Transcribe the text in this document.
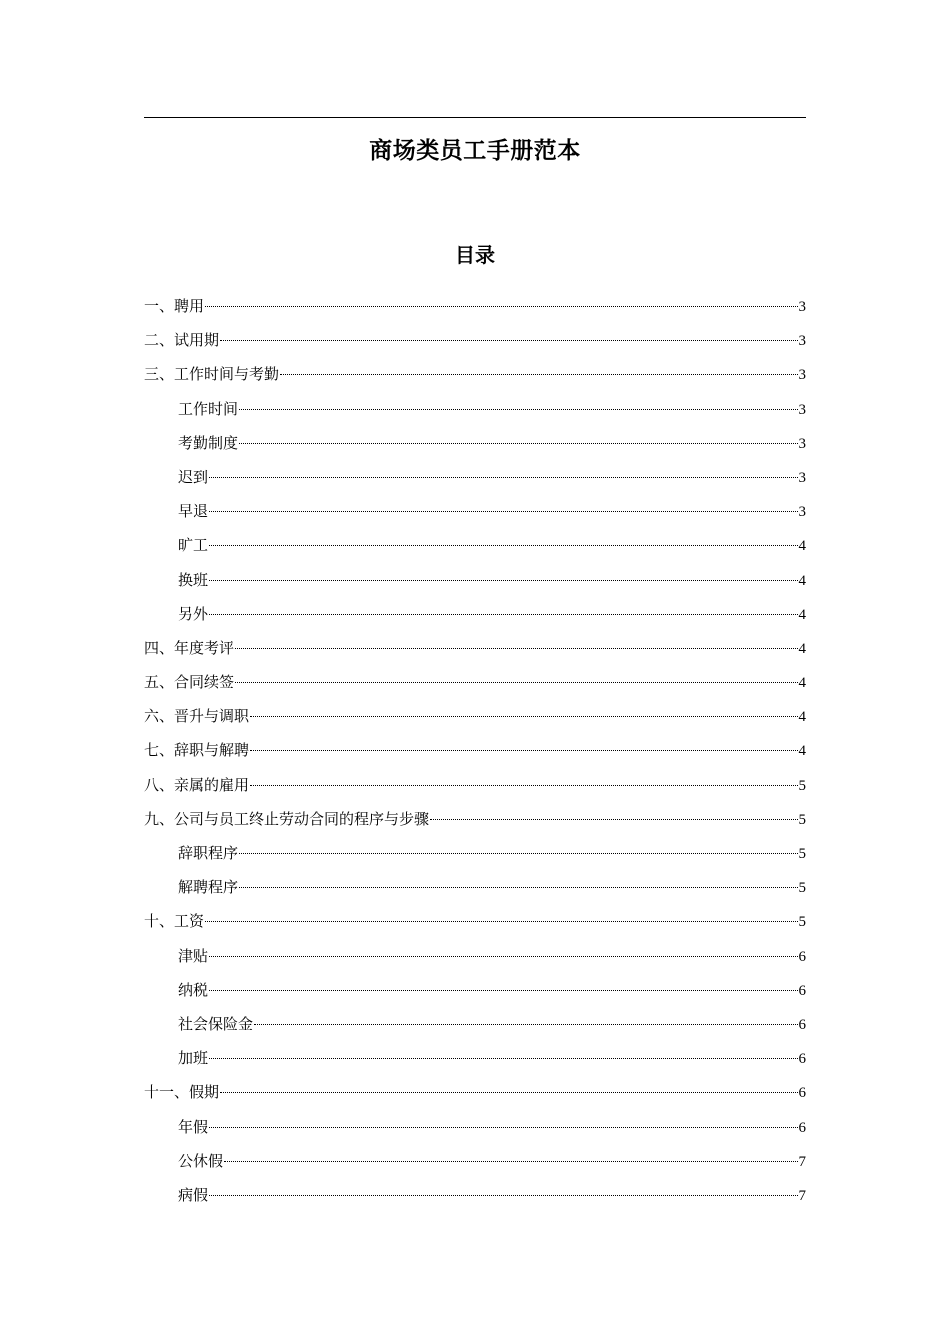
商场类员工手册范本
目录
一、聘用	3
二、试用期	3
三、工作时间与考勤	3
工作时间	3
考勤制度	3
迟到	3
早退	3
旷工	4
换班	4
另外	4
四、年度考评	4
五、合同续签	4
六、晋升与调职	4
七、辞职与解聘	4
八、亲属的雇用	5
九、公司与员工终止劳动合同的程序与步骤	5
辞职程序	5
解聘程序	5
十、工资	5
津贴	6
纳税	6
社会保险金	6
加班	6
十一、假期	6
年假	6
公休假	7
病假	7
